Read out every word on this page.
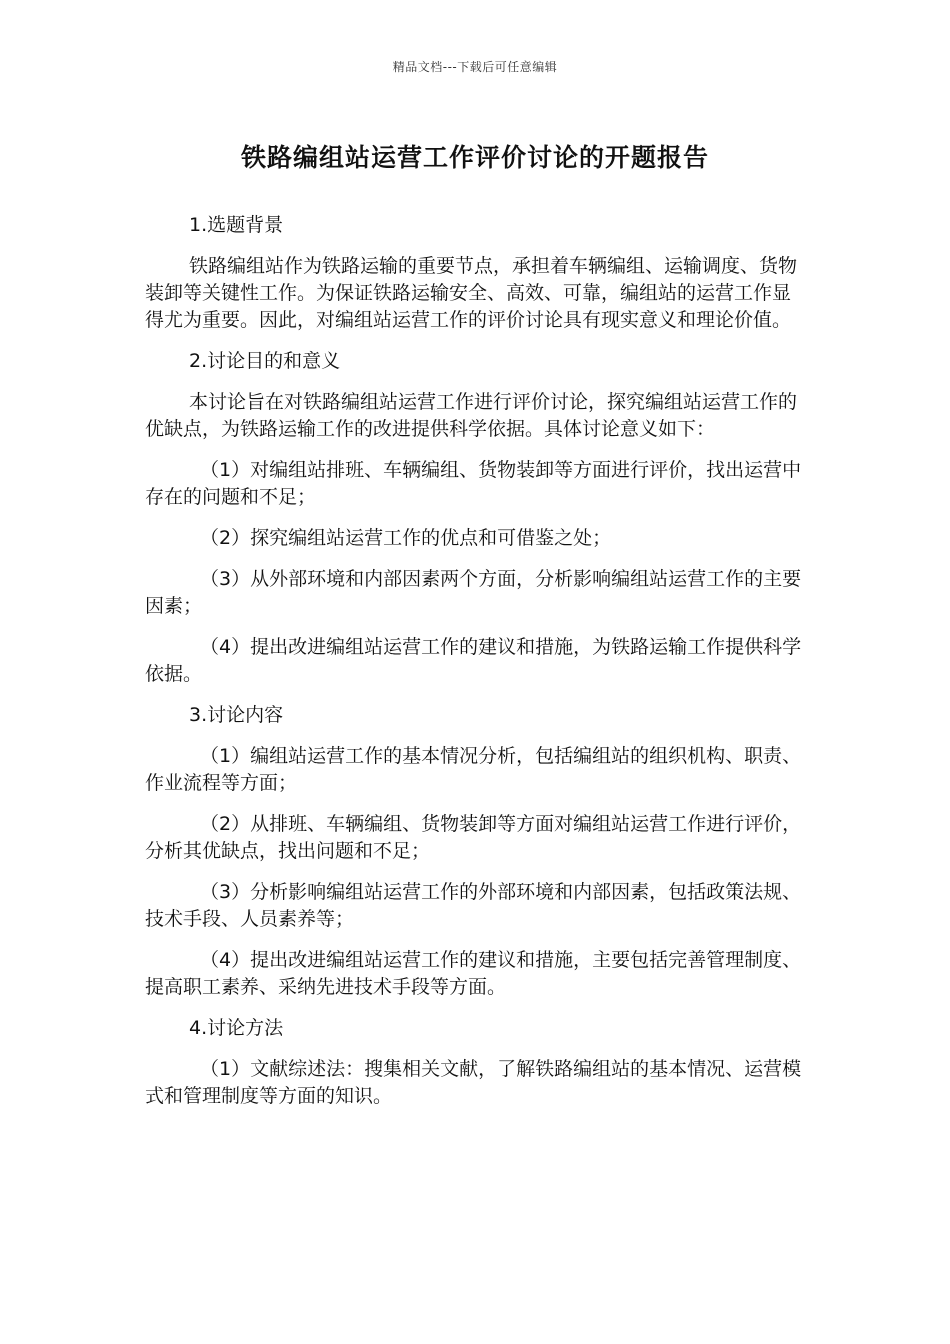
精品文档---下载后可任意编辑
铁路编组站运营工作评价讨论的开题报告

1.选题背景

铁路编组站作为铁路运输的重要节点，承担着车辆编组、运输调度、货物装卸等关键性工作。为保证铁路运输安全、高效、可靠，编组站的运营工作显得尤为重要。因此，对编组站运营工作的评价讨论具有现实意义和理论价值。

2.讨论目的和意义

本讨论旨在对铁路编组站运营工作进行评价讨论，探究编组站运营工作的优缺点，为铁路运输工作的改进提供科学依据。具体讨论意义如下：

（1）对编组站排班、车辆编组、货物装卸等方面进行评价，找出运营中存在的问题和不足；

（2）探究编组站运营工作的优点和可借鉴之处；

（3）从外部环境和内部因素两个方面，分析影响编组站运营工作的主要因素；

（4）提出改进编组站运营工作的建议和措施，为铁路运输工作提供科学依据。

3.讨论内容

（1）编组站运营工作的基本情况分析，包括编组站的组织机构、职责、作业流程等方面；

（2）从排班、车辆编组、货物装卸等方面对编组站运营工作进行评价，分析其优缺点，找出问题和不足；

（3）分析影响编组站运营工作的外部环境和内部因素，包括政策法规、技术手段、人员素养等；

（4）提出改进编组站运营工作的建议和措施，主要包括完善管理制度、提高职工素养、采纳先进技术手段等方面。

4.讨论方法

（1）文献综述法：搜集相关文献，了解铁路编组站的基本情况、运营模式和管理制度等方面的知识。
